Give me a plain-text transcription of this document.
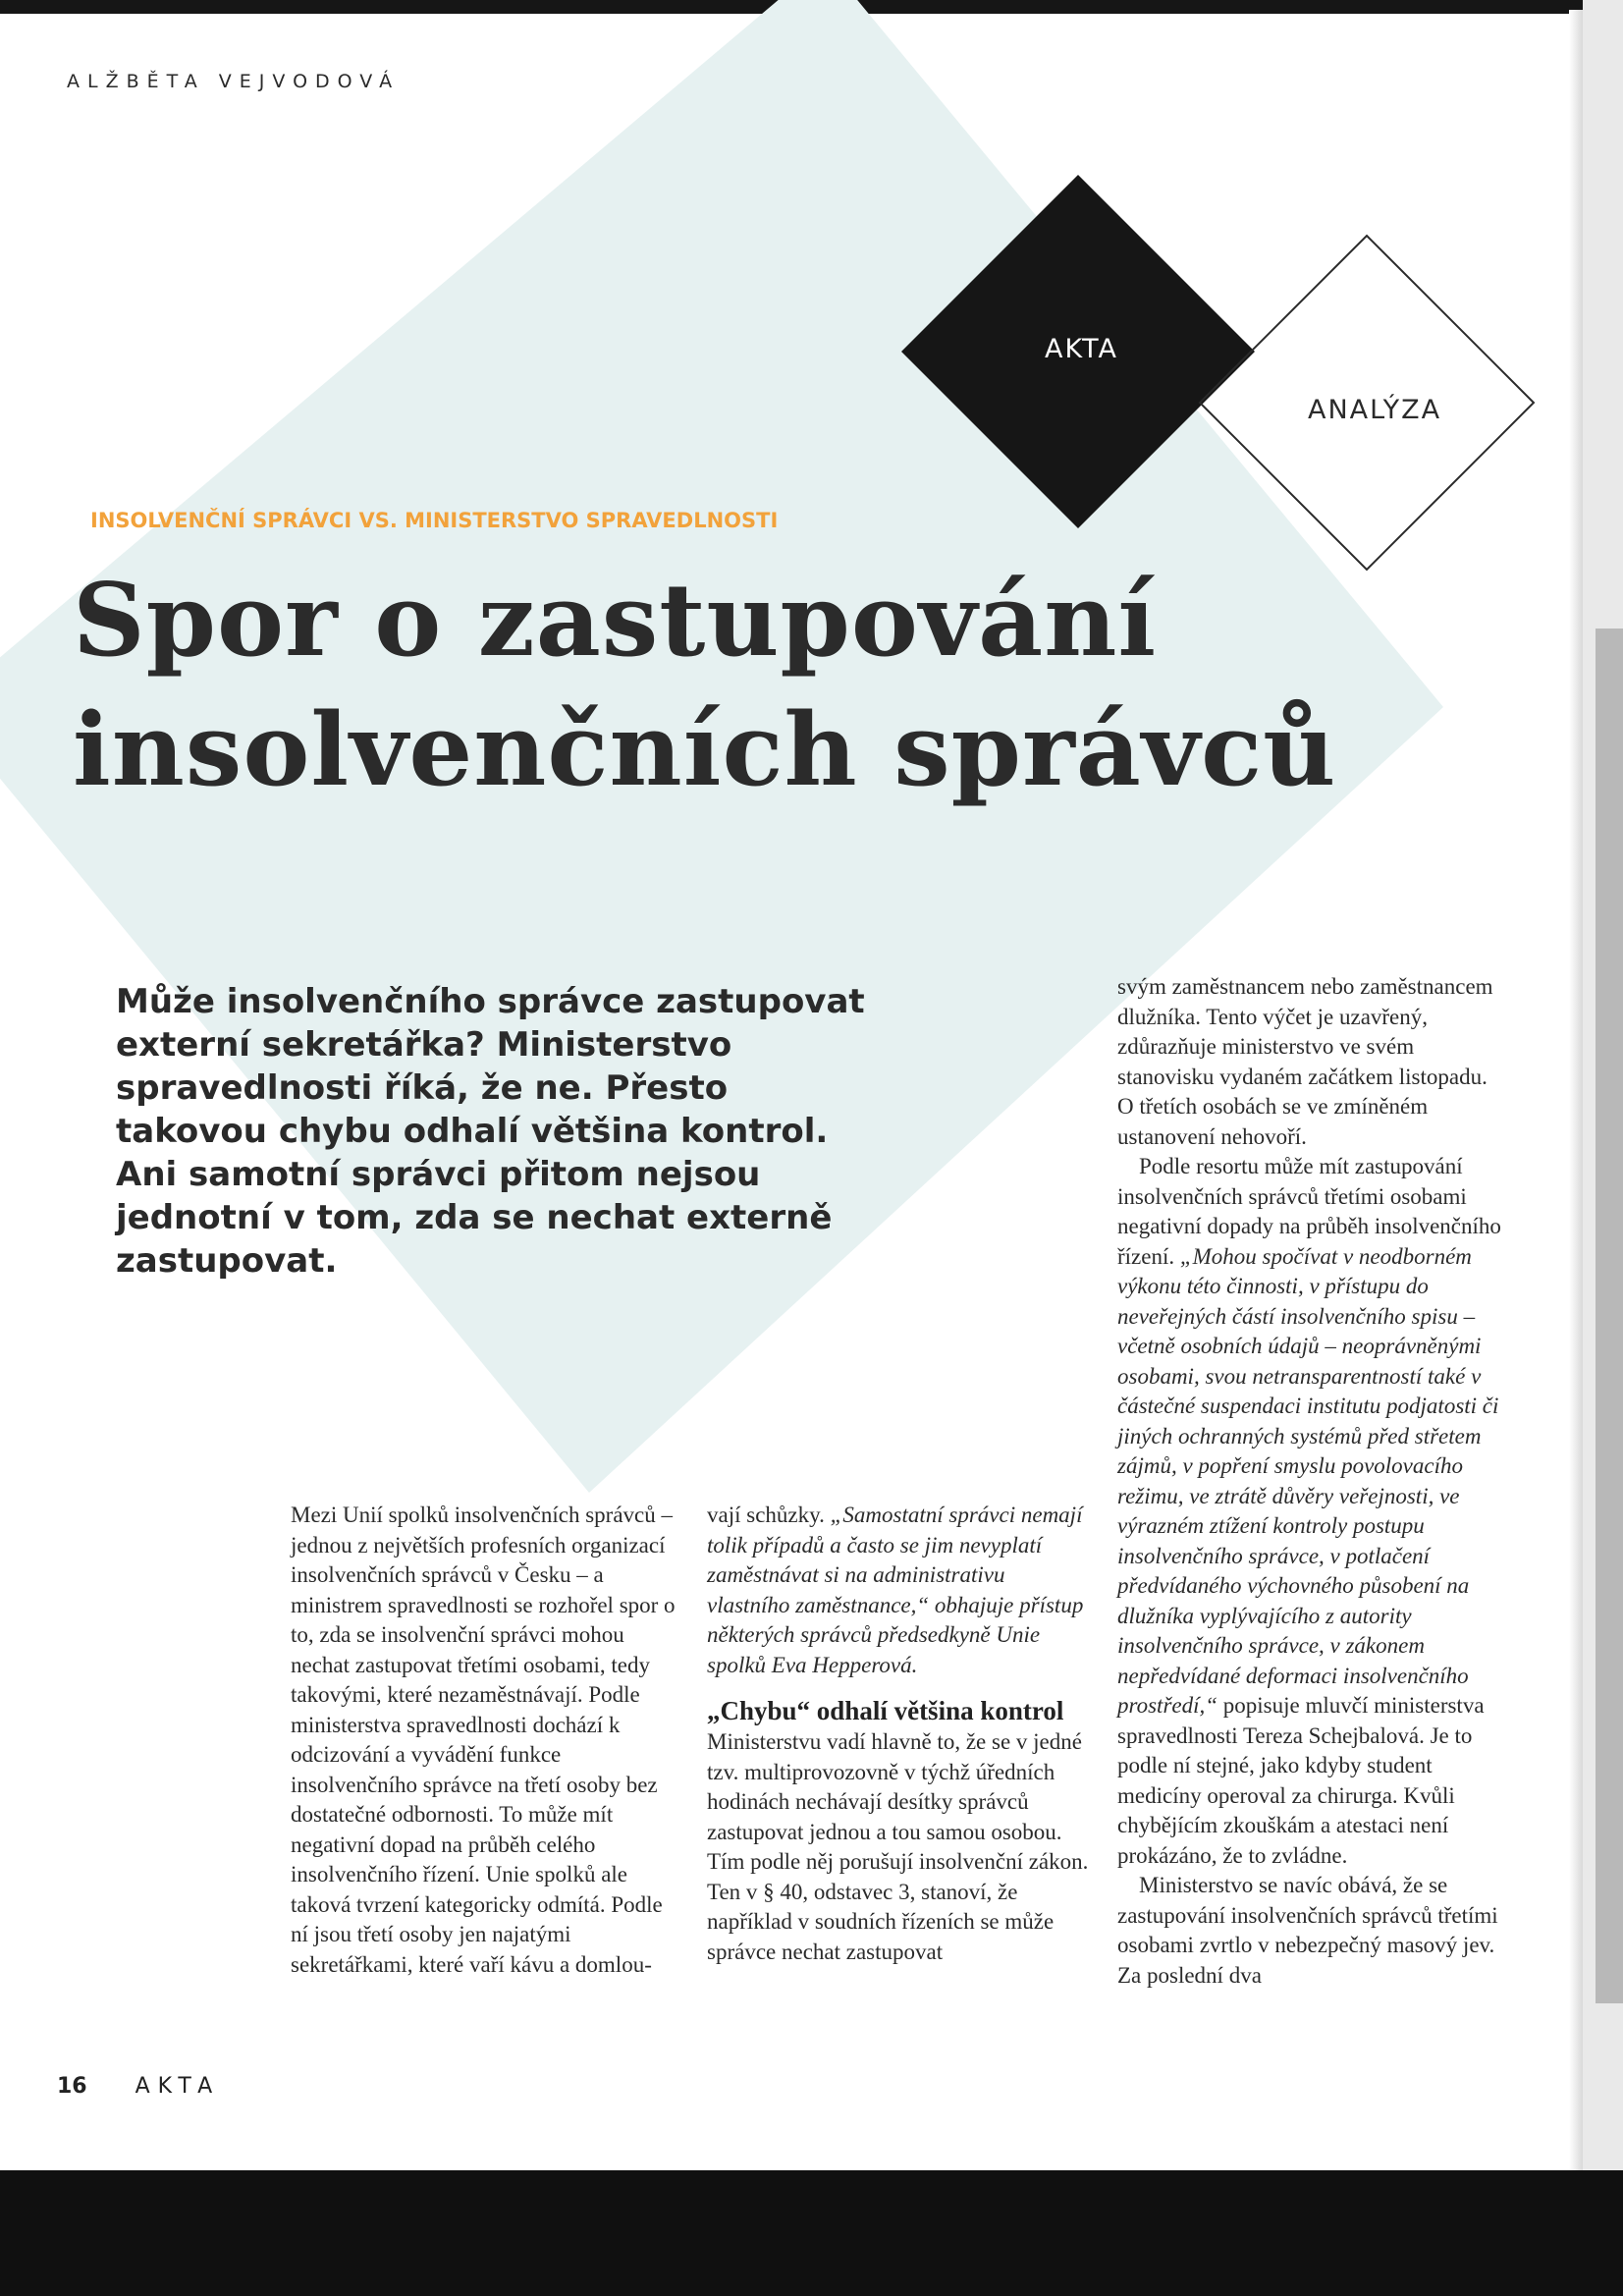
ALŽBĚTA VEJVODOVÁ
AKTA
ANALÝZA
INSOLVENČNÍ SPRÁVCI VS. MINISTERSTVO SPRAVEDLNOSTI
Spor o zastupování
insolvenčních správců

Může insolvenčního správce zastupovat externí sekretářka? Ministerstvo spravedlnosti říká, že ne. Přesto takovou chybu odhalí většina kontrol. Ani samotní správci přitom nejsou jednotní v tom, zda se nechat externě zastupovat.

Mezi Unií spolků insolvenčních správců – jednou z největších profesních organizací insolvenčních správců v Česku – a ministrem spravedlnosti se rozhořel spor o to, zda se insolvenční správci mohou nechat zastupovat třetími osobami, tedy takovými, které nezaměstnávají. Podle ministerstva spravedlnosti dochází k odcizování a vyvádění funkce insolvenčního správce na třetí osoby bez dostatečné odbornosti. To může mít negativní dopad na průběh celého insolvenčního řízení. Unie spolků ale taková tvrzení kategoricky odmítá. Podle ní jsou třetí osoby jen najatými sekretářkami, které vaří kávu a domlou-

vají schůzky. „Samostatní správci nemají tolik případů a často se jim nevyplatí zaměstnávat si na administrativu vlastního zaměstnance,“ obhajuje přístup některých správců předsedkyně Unie spolků Eva Hepperová.

„Chybu“ odhalí většina kontrol

Ministerstvu vadí hlavně to, že se v jedné tzv. multiprovozovně v týchž úředních hodinách nechávají desítky správců zastupovat jednou a tou samou osobou. Tím podle něj porušují insolvenční zákon. Ten v § 40, odstavec 3, stanoví, že například v soudních řízeních se může správce nechat zastupovat

svým zaměstnancem nebo zaměstnancem dlužníka. Tento výčet je uzavřený, zdůrazňuje ministerstvo ve svém stanovisku vydaném začátkem listopadu. O třetích osobách se ve zmíněném ustanovení nehovoří.

Podle resortu může mít zastupování insolvenčních správců třetími osobami negativní dopady na průběh insolvenčního řízení. „Mohou spočívat v neodborném výkonu této činnosti, v přístupu do neveřejných částí insolvenčního spisu – včetně osobních údajů – neoprávněnými osobami, svou netransparentností také v částečné suspendaci institutu podjatosti či jiných ochranných systémů před střetem zájmů, v popření smyslu povolovacího režimu, ve ztrátě důvěry veřejnosti, ve výrazném ztížení kontroly postupu insolvenčního správce, v potlačení předvídaného výchovného působení na dlužníka vyplývajícího z autority insolvenčního správce, v zákonem nepředvídané deformaci insolvenčního prostředí,“ popisuje mluvčí ministerstva spravedlnosti Tereza Schejbalová. Je to podle ní stejné, jako kdyby student medicíny operoval za chirurga. Kvůli chybějícím zkouškám a atestaci není prokázáno, že to zvládne.

Ministerstvo se navíc obává, že se zastupování insolvenčních správců třetími osobami zvrtlo v nebezpečný masový jev. Za poslední dva

16 AKTA
